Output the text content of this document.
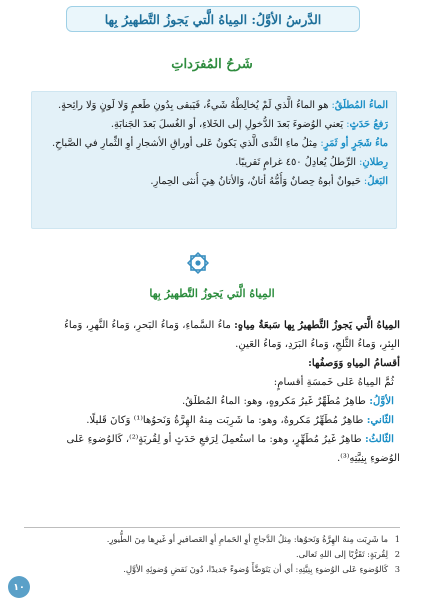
الدَّرسُ الأوَّلُ: المِياهُ الَّتي يَجوزُ التَّطهيرُ بِها
شَرحُ المُفرَداتِ
الماءُ المُطلَقُ: هو الماءُ الَّذي لَمْ يُخالِطْهُ شَيءٌ، فَيَبقى بِدُونِ طَعمٍ وَلا لَونٍ وَلا رائِحةٍ.
رَفعُ حَدَثٍ: يَعني الوُضوءَ بَعدَ الدُّخولِ إلى الخَلاءِ، أو الغُسلَ بَعدَ الجَنابَةِ.
ماءُ شَجَرٍ أو ثَمَرٍ: مِثلُ ماءِ النَّدى الَّذي يَكونُ عَلى أوراقِ الأشجارِ أوِ الثِّمارِ في الصَّباحِ.
رِطلانِ: الرِّطلُ يُعادِلُ ٤٥٠ غرامٍ تَقريبًا.
البَغلُ: حَيوانٌ أبوهُ حِصانٌ وَأُمُّهُ أتانٌ، وَالأتانُ هِيَ أُنثى الحِمارِ.
المِياهُ الَّتي يَجوزُ التَّطهيرُ بِها

المِياهُ الَّتي يَجوزُ التَّطهيرُ بِها سَبعَةُ مِياهٍ: ماءُ السَّماءِ، وَماءُ البَحرِ، وَماءُ النَّهرِ، وَماءُ

البِئرِ، وَماءُ الثَّلجِ، وَماءُ البَرَدِ، وَماءُ العَينِ.

أقسامُ المِياهِ وَوَصفُها:

ثُمَّ المِياهُ عَلى خَمسَةِ أقسامٍ:

الأوَّلُ: طاهِرٌ مُطَهِّرٌ غَيرُ مَكروهٍ، وهو: الماءُ المُطلَقُ.

الثّاني: طاهِرٌ مُطَهِّرٌ مَكروهٌ، وهو: ما شَرِبَت مِنهُ الهِرَّةُ وَنَحوُها⁽¹⁾ وَكانَ قَليلًا.

الثّالثُ: طاهِرٌ غَيرُ مُطَهِّرٍ، وهو: ما استُعمِلَ لِرَفعِ حَدَثٍ أو لِقُربَةٍ⁽²⁾، كَالوُضوءِ عَلى

الوُضوءِ بِنِيَّتِهِ⁽³⁾.

1ما شَرِبَت مِنهُ الهِرَّةُ وَنَحوُها: مِثلُ الدَّجاجِ أوِ الحَمامِ أوِ العَصافيرِ أو غَيرِها مِنَ الطُّيورِ.

2لِقُربَةٍ: تَقَرُّبًا إلى اللهِ تَعالى.

3كَالوُضوءِ عَلى الوُضوءِ بِنِيَّتِهِ: أي أن يَتَوَضَّأَ وُضوءً جَديدًا، دُونَ نَقضِ وُضوئِهِ الأوَّلِ.

١٠
